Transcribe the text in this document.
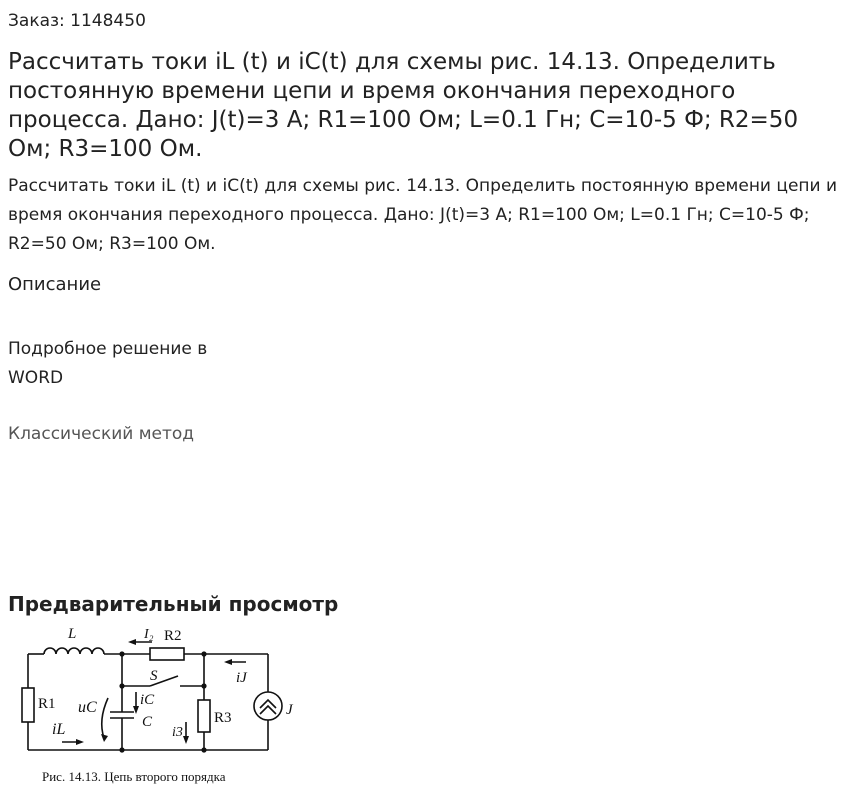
Заказ: 1148450
Рассчитать токи iL (t) и iC(t) для схемы рис. 14.13. Определить постоянную времени цепи и время окончания переходного процесса. Дано: J(t)=3 А; R1=100 Ом; L=0.1 Гн; C=10-5 Ф; R2=50 Ом; R3=100 Ом.
Рассчитать токи iL (t) и iC(t) для схемы рис. 14.13. Определить постоянную времени цепи и время окончания переходного процесса. Дано: J(t)=3 А; R1=100 Ом; L=0.1 Гн; C=10-5 Ф; R2=50 Ом; R3=100 Ом.
Описание
Подробное решение в WORD
Классический метод
Предварительный просмотр
L	I₂ R2
S	iJ
R1 uC	iC
C	R3	J
iL	i3
Рис. 14.13. Цепь второго порядка
